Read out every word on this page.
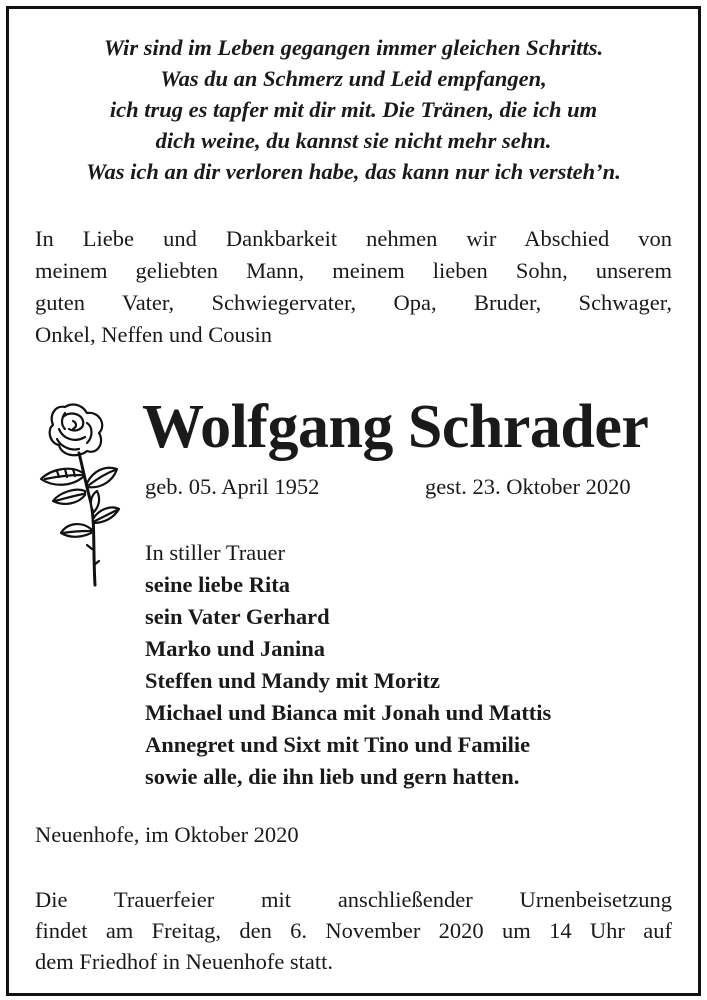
Wir sind im Leben gegangen immer gleichen Schritts.
Was du an Schmerz und Leid empfangen,
ich trug es tapfer mit dir mit. Die Tränen, die ich um
dich weine, du kannst sie nicht mehr sehn.
Was ich an dir verloren habe, das kann nur ich versteh’n.
In Liebe und Dankbarkeit nehmen wir Abschied von
meinem geliebten Mann, meinem lieben Sohn, unserem
guten Vater, Schwiegervater, Opa, Bruder, Schwager,
Onkel, Neffen und Cousin
Wolfgang Schrader
geb. 05. April 1952	gest. 23. Oktober 2020
In stiller Trauer
seine liebe Rita
sein Vater Gerhard
Marko und Janina
Steffen und Mandy mit Moritz
Michael und Bianca mit Jonah und Mattis
Annegret und Sixt mit Tino und Familie
sowie alle, die ihn lieb und gern hatten.
Neuenhofe, im Oktober 2020
Die Trauerfeier mit anschließender Urnenbeisetzung
findet am Freitag, den 6. November 2020 um 14 Uhr auf
dem Friedhof in Neuenhofe statt.
